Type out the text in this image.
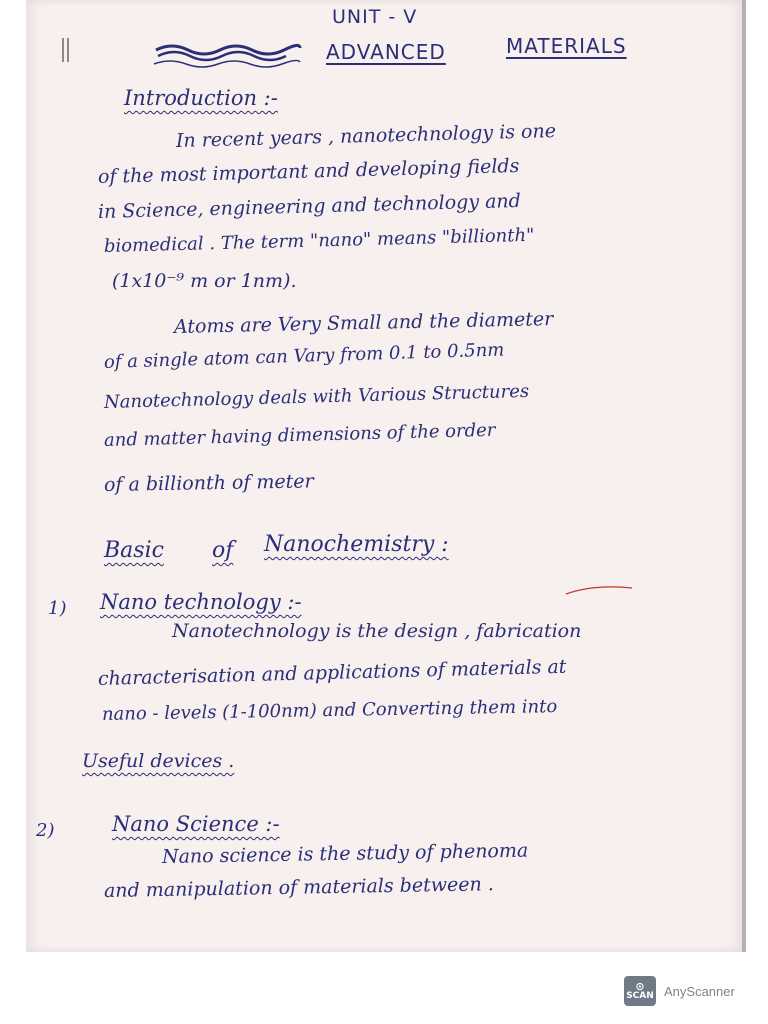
UNIT - V
ADVANCED	MATERIALS
Introduction :-
In recent years , nanotechnology is one
of the most important and developing fields
in Science, engineering and technology and
biomedical . The term "nano" means "billionth"
(1x10⁻⁹ m or 1nm).
Atoms are Very Small and the diameter
of a single atom can Vary from 0.1 to 0.5nm
Nanotechnology deals with Various Structures
and matter having dimensions of the order
of a billionth of meter
Basic of Nanochemistry :
1) Nano technology :-
Nanotechnology is the design , fabrication
characterisation and applications of materials at
nano - levels (1-100nm) and Converting them into
Useful devices .
2)	Nano Science :-
Nano science is the study of phenoma
and manipulation of materials between .
⊙
SCAN AnyScanner
